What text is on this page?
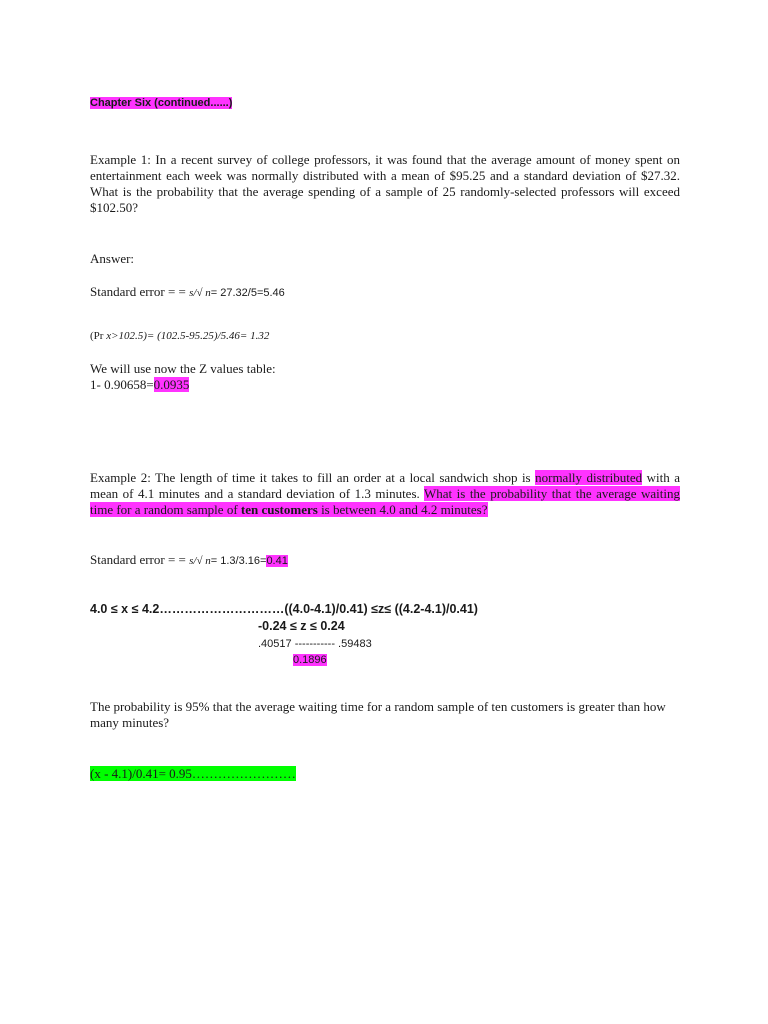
Chapter Six (continued......)
Example 1: In a recent survey of college professors, it was found that the average amount of money spent on entertainment each week was normally distributed with a mean of $95.25 and a standard deviation of $27.32. What is the probability that the average spending of a sample of 25 randomly-selected professors will exceed $102.50?
Answer:
Standard error = = s/√ n= 27.32/5=5.46
(Pr x>102.5)= (102.5-95.25)/5.46= 1.32
We will use now the Z values table:
1- 0.90658=0.0935
Example 2: The length of time it takes to fill an order at a local sandwich shop is normally distributed with a mean of 4.1 minutes and a standard deviation of 1.3 minutes. What is the probability that the average waiting time for a random sample of ten customers is between 4.0 and 4.2 minutes?
Standard error = = s/√ n= 1.3/3.16=0.41
4.0 ≤ x ≤ 4.2…………………………((4.0-4.1)/0.41) ≤z≤ ((4.2-4.1)/0.41)
-0.24 ≤ z ≤ 0.24
.40517 ----------- .59483
0.1896
The probability is 95% that the average waiting time for a random sample of ten customers is greater than how many minutes?
(x - 4.1)/0.41= 0.95……………………
